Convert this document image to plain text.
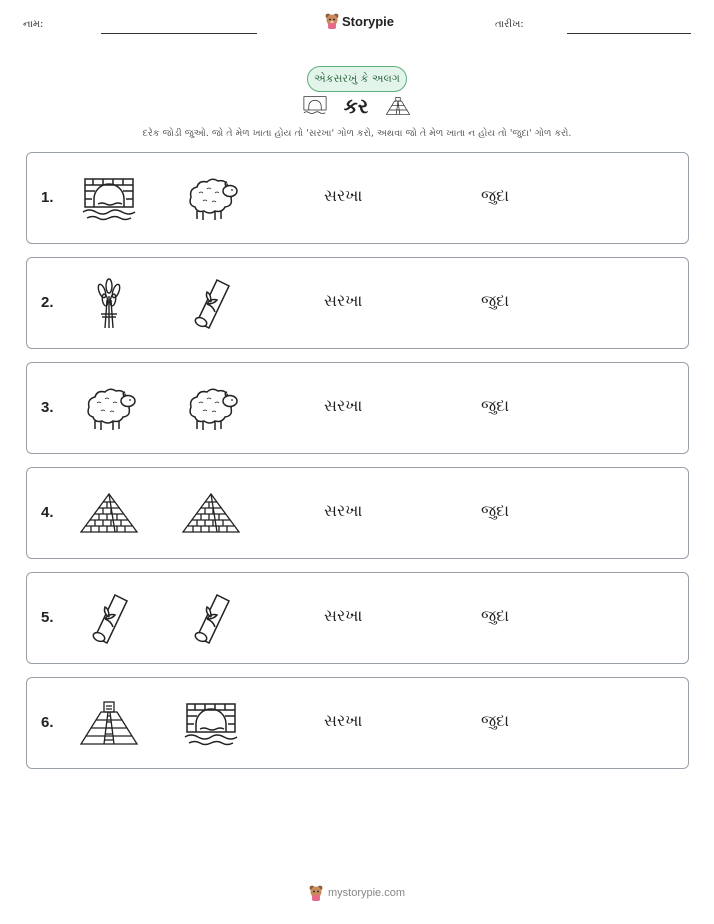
નામ:	Storypie	તારીખ:
એકસરખું કે અલગ
કર
દરેક જોડી જુઓ. જો તે મેળ ખાતા હોય તો 'સરખા' ગોળ કરો, અથવા જો તે મેળ ખાતા ન હોય તો 'જુદા' ગોળ કરો.
1.	સરખા	જુદા
2.	સરખા	જુદા
3.	સરખા	જુદા
4.	સરખા	જુદા
5.	સરખા	જુદા
6.	સરખા	જુદા
mystorypie.com
